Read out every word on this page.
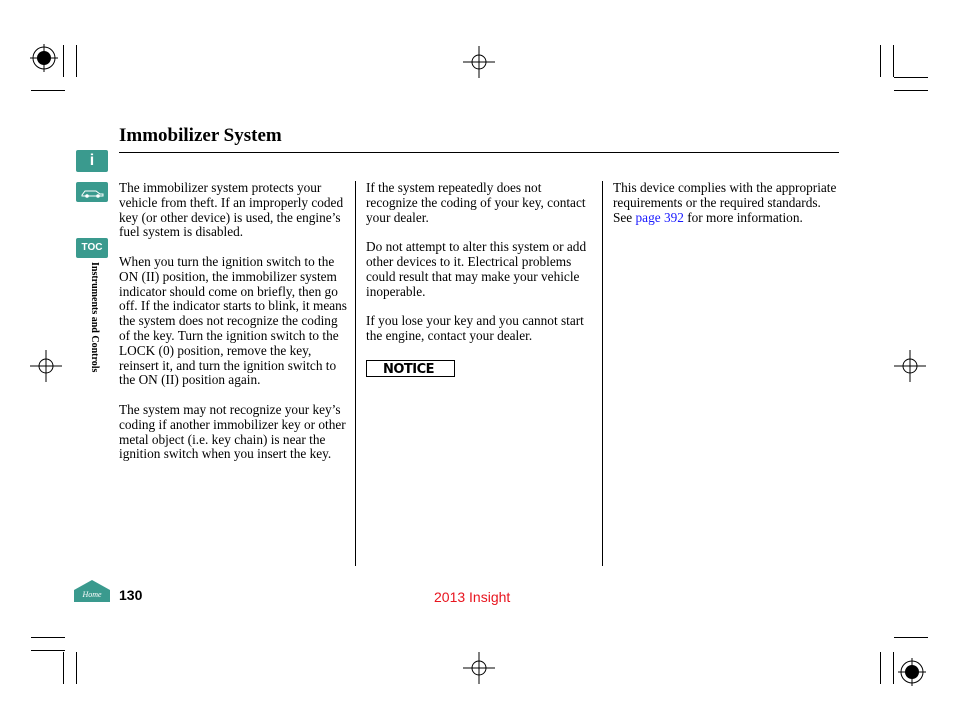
i
TOC
Instruments and Controls
Home
Immobilizer System

The immobilizer system protects your vehicle from theft. If an improperly coded key (or other device) is used, the engine’s fuel system is disabled.

When you turn the ignition switch to the ON (II) position, the immobilizer system indicator should come on briefly, then go off. If the indicator starts to blink, it means the system does not recognize the coding of the key. Turn the ignition switch to the LOCK (0) position, remove the key, reinsert it, and turn the ignition switch to the ON (II) position again.

The system may not recognize your key’s coding if another immobilizer key or other metal object (i.e. key chain) is near the ignition switch when you insert the key.

If the system repeatedly does not recognize the coding of your key, contact your dealer.

Do not attempt to alter this system or add other devices to it. Electrical problems could result that may make your vehicle inoperable.

If you lose your key and you cannot start the engine, contact your dealer.

NOTICE

This device complies with the appropriate requirements or the required standards. See page 392 for more information.

130	2013 Insight
